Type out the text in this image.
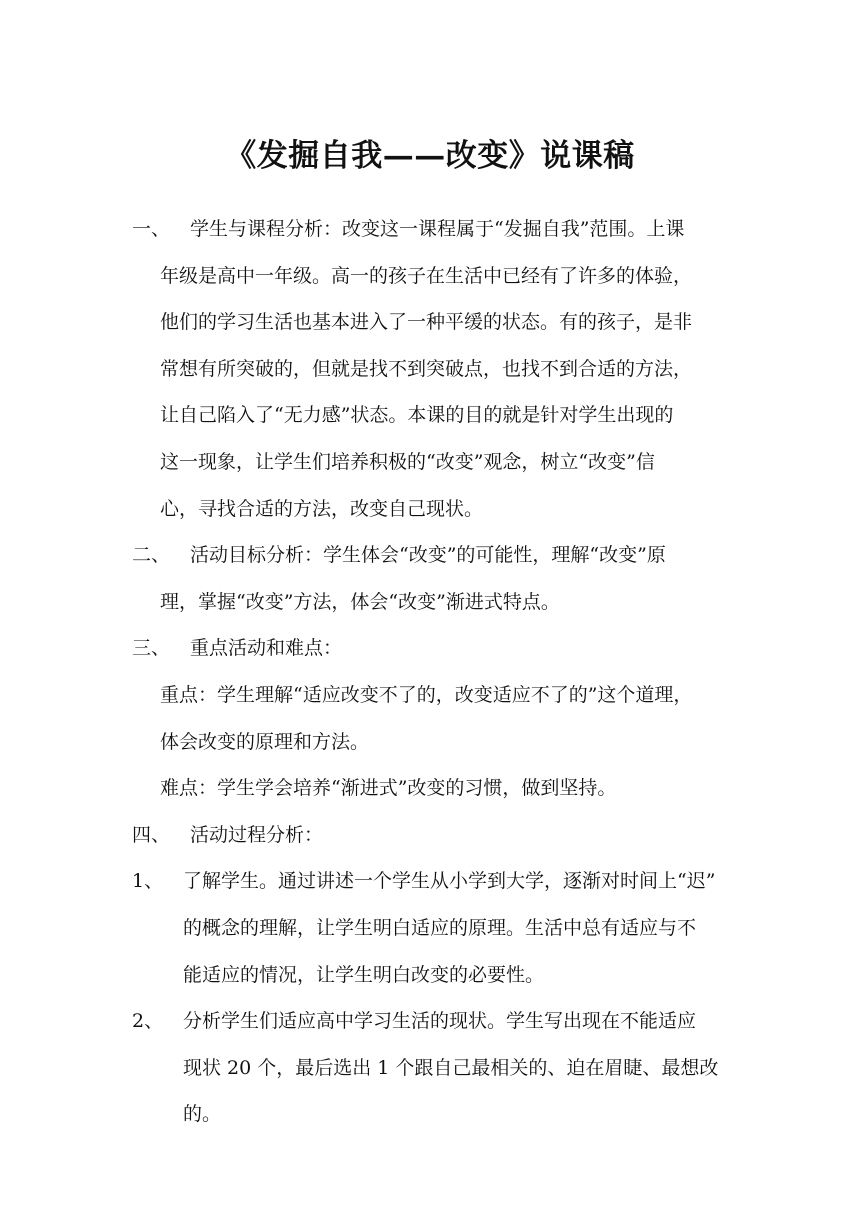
《发掘自我——改变》说课稿
一、 学生与课程分析：改变这一课程属于“发掘自我”范围。上课
年级是高中一年级。高一的孩子在生活中已经有了许多的体验，
他们的学习生活也基本进入了一种平缓的状态。有的孩子，是非
常想有所突破的，但就是找不到突破点，也找不到合适的方法，
让自己陷入了“无力感”状态。本课的目的就是针对学生出现的
这一现象，让学生们培养积极的“改变”观念，树立“改变”信
心，寻找合适的方法，改变自己现状。
二、 活动目标分析：学生体会“改变”的可能性，理解“改变”原
理，掌握“改变”方法，体会“改变”渐进式特点。
三、 重点活动和难点：
重点：学生理解“适应改变不了的，改变适应不了的”这个道理，
体会改变的原理和方法。
难点：学生学会培养“渐进式”改变的习惯，做到坚持。
四、 活动过程分析：
1、 了解学生。通过讲述一个学生从小学到大学，逐渐对时间上“迟”
的概念的理解，让学生明白适应的原理。生活中总有适应与不
能适应的情况，让学生明白改变的必要性。
2、 分析学生们适应高中学习生活的现状。学生写出现在不能适应
现状 20 个，最后选出 1 个跟自己最相关的、迫在眉睫、最想改
的。
